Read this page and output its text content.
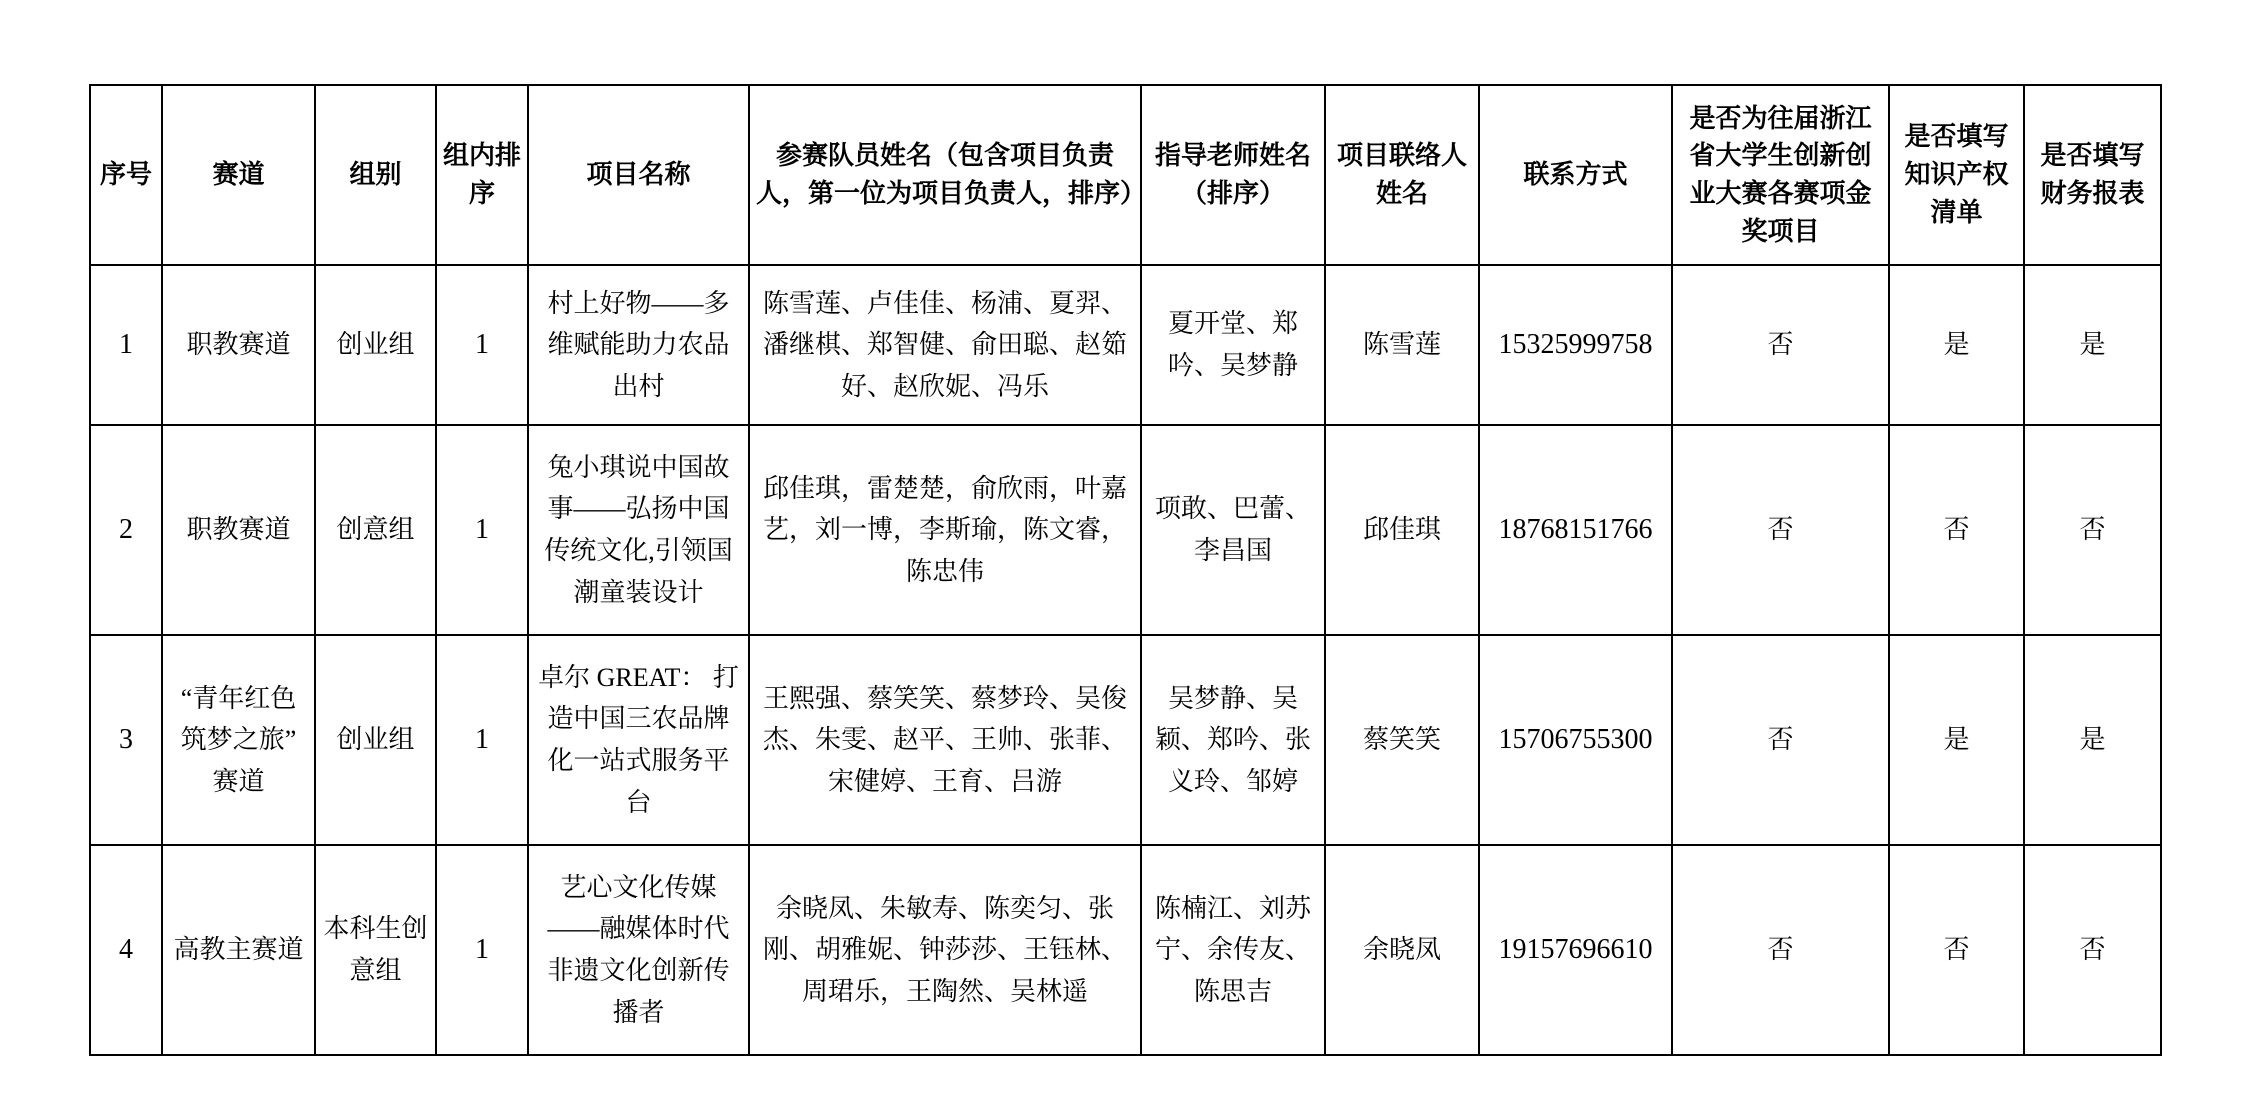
序号	赛道	组别	组内排序	项目名称	参赛队员姓名（包含项目负责人，第一位为项目负责人，排序）	指导老师姓名（排序）	项目联络人姓名	联系方式	是否为往届浙江省大学生创新创业大赛各赛项金奖项目	是否填写知识产权清单	是否填写财务报表
1	职教赛道	创业组	1	村上好物——多维赋能助力农品出村	陈雪莲、卢佳佳、杨浦、夏羿、潘继棋、郑智健、俞田聪、赵筎好、赵欣妮、冯乐	夏开堂、郑吟、吴梦静	陈雪莲	15325999758	否	是	是
2	职教赛道	创意组	1	兔小琪说中国故事——弘扬中国传统文化,引领国潮童装设计	邱佳琪，雷楚楚，俞欣雨，叶嘉艺，刘一博，李斯瑜，陈文睿，陈忠伟	项敢、巴蕾、李昌国	邱佳琪	18768151766	否	否	否
3	“青年红色筑梦之旅”赛道	创业组	1	卓尔 GREAT： 打造中国三农品牌化一站式服务平台	王熙强、蔡笑笑、蔡梦玲、吴俊杰、朱雯、赵平、王帅、张菲、宋健婷、王育、吕游	吴梦静、吴颖、郑吟、张义玲、邹婷	蔡笑笑	15706755300	否	是	是
4	高教主赛道	本科生创意组	1	艺心文化传媒——融媒体时代非遗文化创新传播者	余晓凤、朱敏寿、陈奕匀、张刚、胡雅妮、钟莎莎、王钰林、周珺乐，王陶然、吴林遥	陈楠江、刘苏宁、余传友、陈思吉	余晓凤	19157696610	否	否	否
